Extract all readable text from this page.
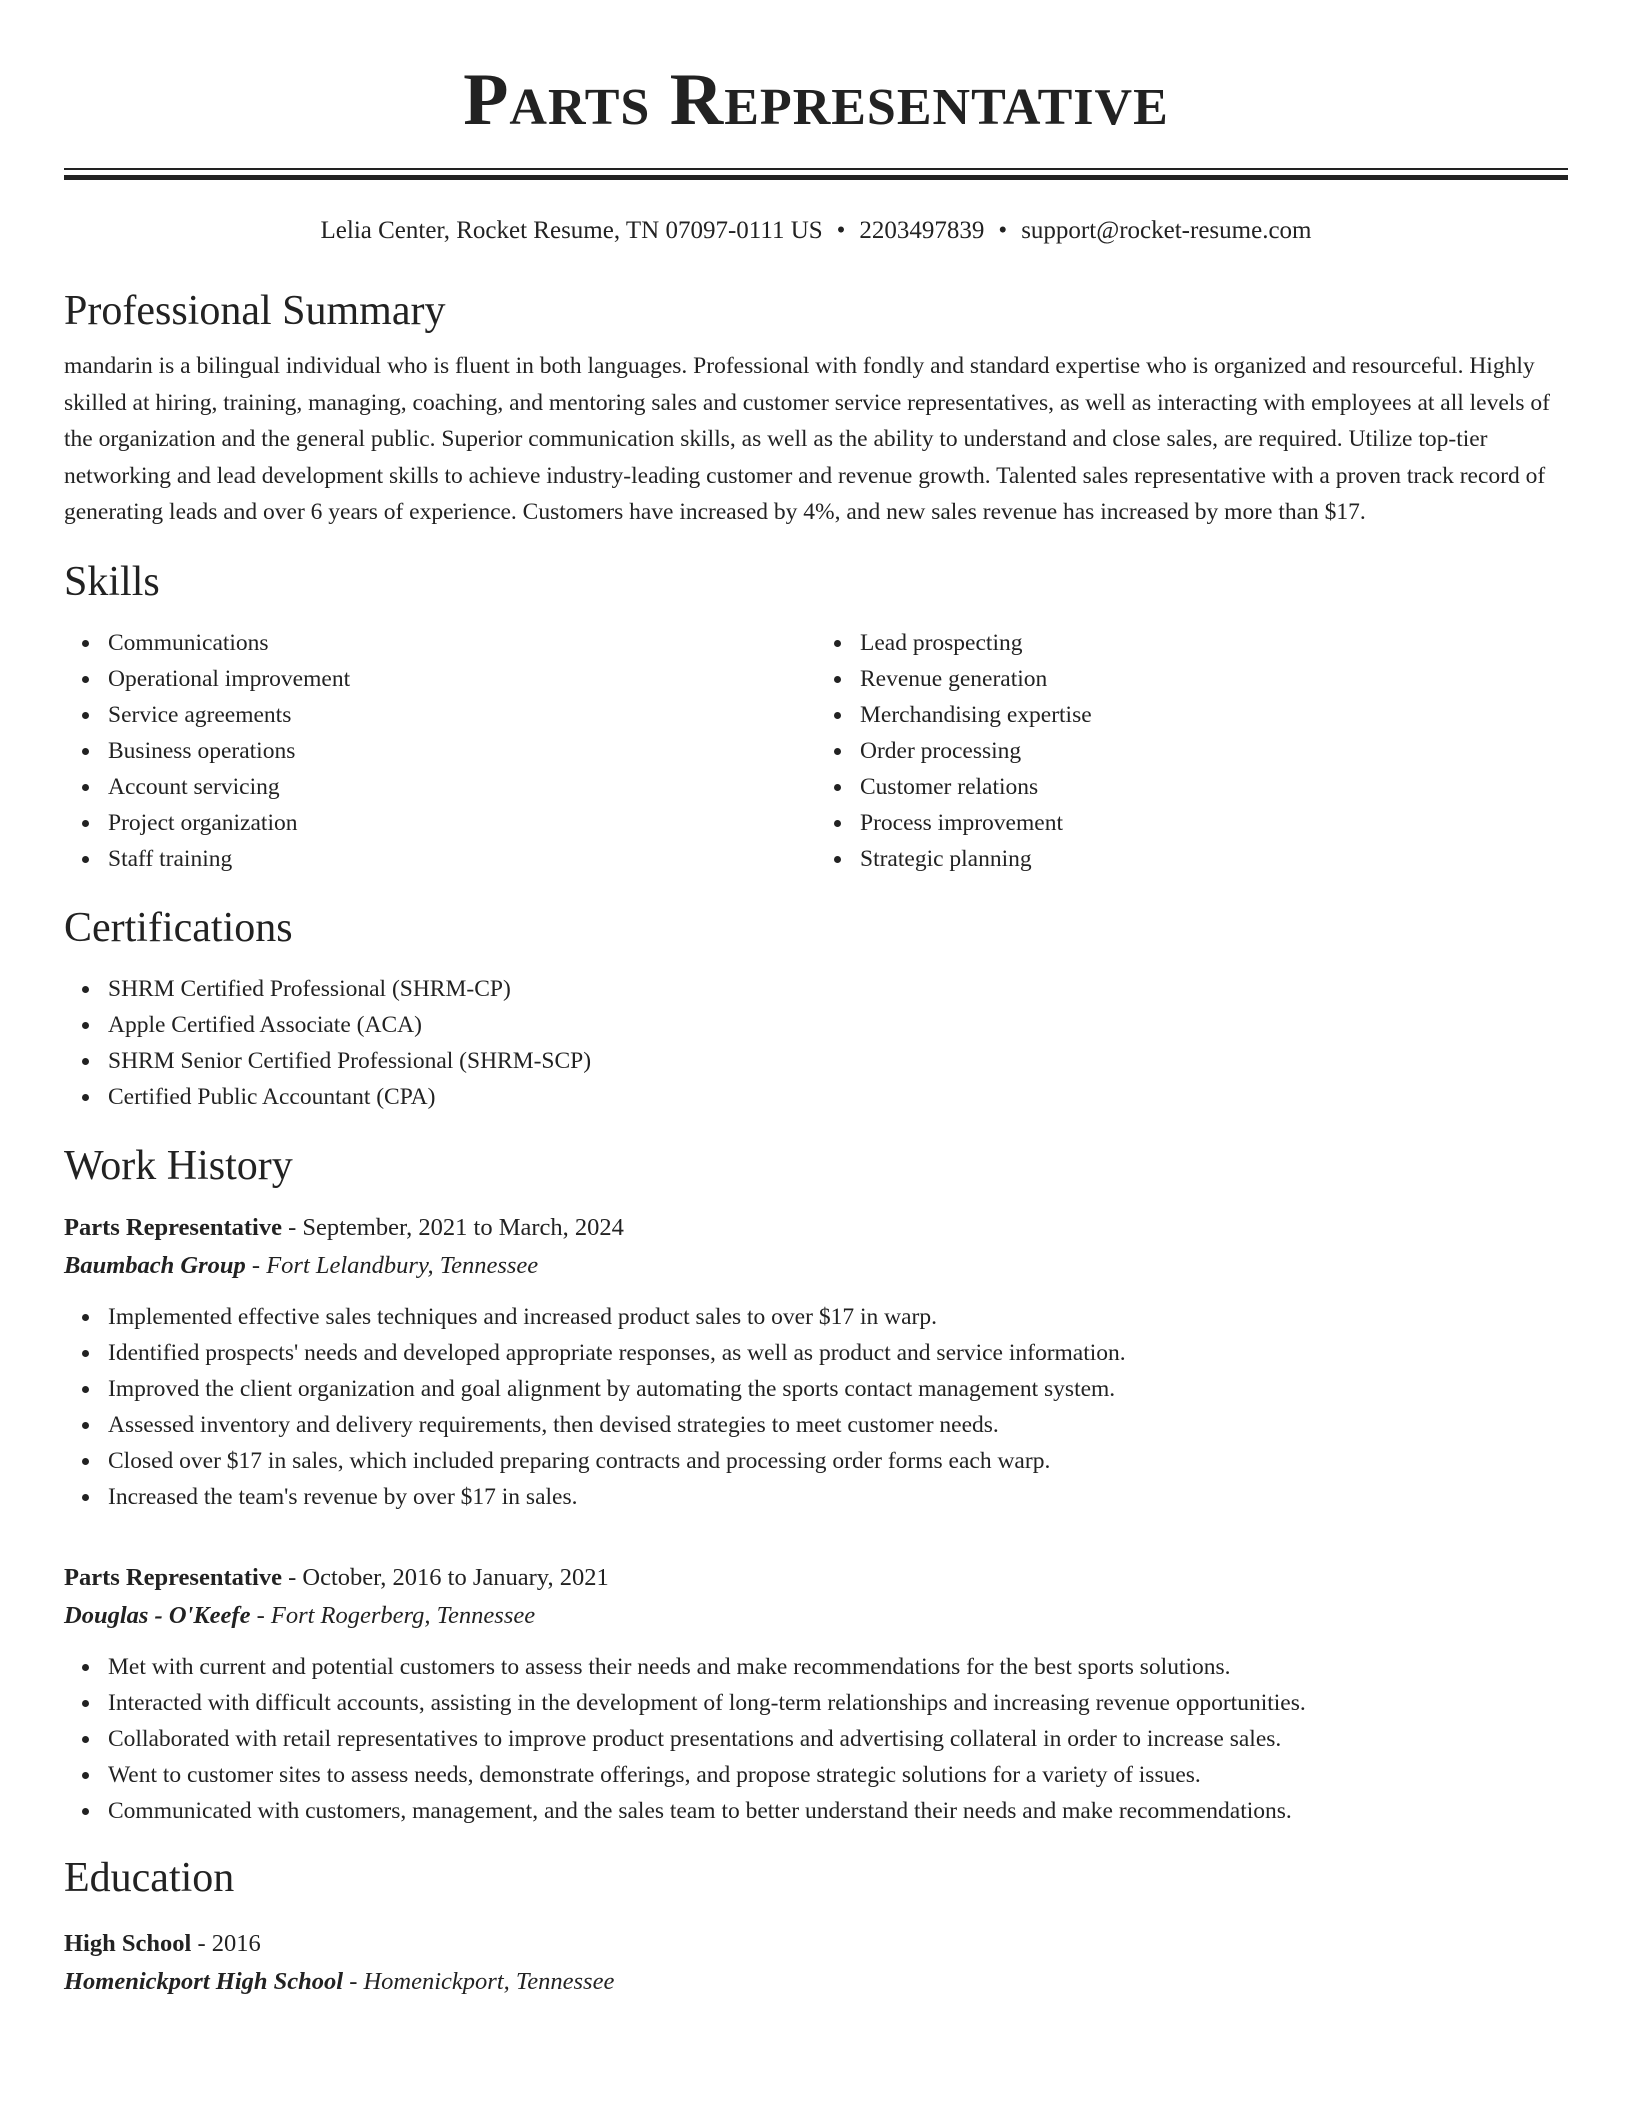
Parts Representative
Lelia Center, Rocket Resume, TN 07097-0111 US • 2203497839 • support@rocket-resume.com
Professional Summary

mandarin is a bilingual individual who is fluent in both languages. Professional with fondly and standard expertise who is organized and resourceful. Highly skilled at hiring, training, managing, coaching, and mentoring sales and customer service representatives, as well as interacting with employees at all levels of the organization and the general public. Superior communication skills, as well as the ability to understand and close sales, are required. Utilize top-tier networking and lead development skills to achieve industry-leading customer and revenue growth. Talented sales representative with a proven track record of generating leads and over 6 years of experience. Customers have increased by 4%, and new sales revenue has increased by more than $17.

Skills
Communications
Operational improvement
Service agreements
Business operations
Account servicing
Project organization
Staff training
Lead prospecting
Revenue generation
Merchandising expertise
Order processing
Customer relations
Process improvement
Strategic planning
Certifications
SHRM Certified Professional (SHRM-CP)
Apple Certified Associate (ACA)
SHRM Senior Certified Professional (SHRM-SCP)
Certified Public Accountant (CPA)
Work History
Parts Representative - September, 2021 to March, 2024
Baumbach Group - Fort Lelandbury, Tennessee
Implemented effective sales techniques and increased product sales to over $17 in warp.
Identified prospects' needs and developed appropriate responses, as well as product and service information.
Improved the client organization and goal alignment by automating the sports contact management system.
Assessed inventory and delivery requirements, then devised strategies to meet customer needs.
Closed over $17 in sales, which included preparing contracts and processing order forms each warp.
Increased the team's revenue by over $17 in sales.
Parts Representative - October, 2016 to January, 2021
Douglas - O'Keefe - Fort Rogerberg, Tennessee
Met with current and potential customers to assess their needs and make recommendations for the best sports solutions.
Interacted with difficult accounts, assisting in the development of long-term relationships and increasing revenue opportunities.
Collaborated with retail representatives to improve product presentations and advertising collateral in order to increase sales.
Went to customer sites to assess needs, demonstrate offerings, and propose strategic solutions for a variety of issues.
Communicated with customers, management, and the sales team to better understand their needs and make recommendations.
Education
High School - 2016
Homenickport High School - Homenickport, Tennessee
